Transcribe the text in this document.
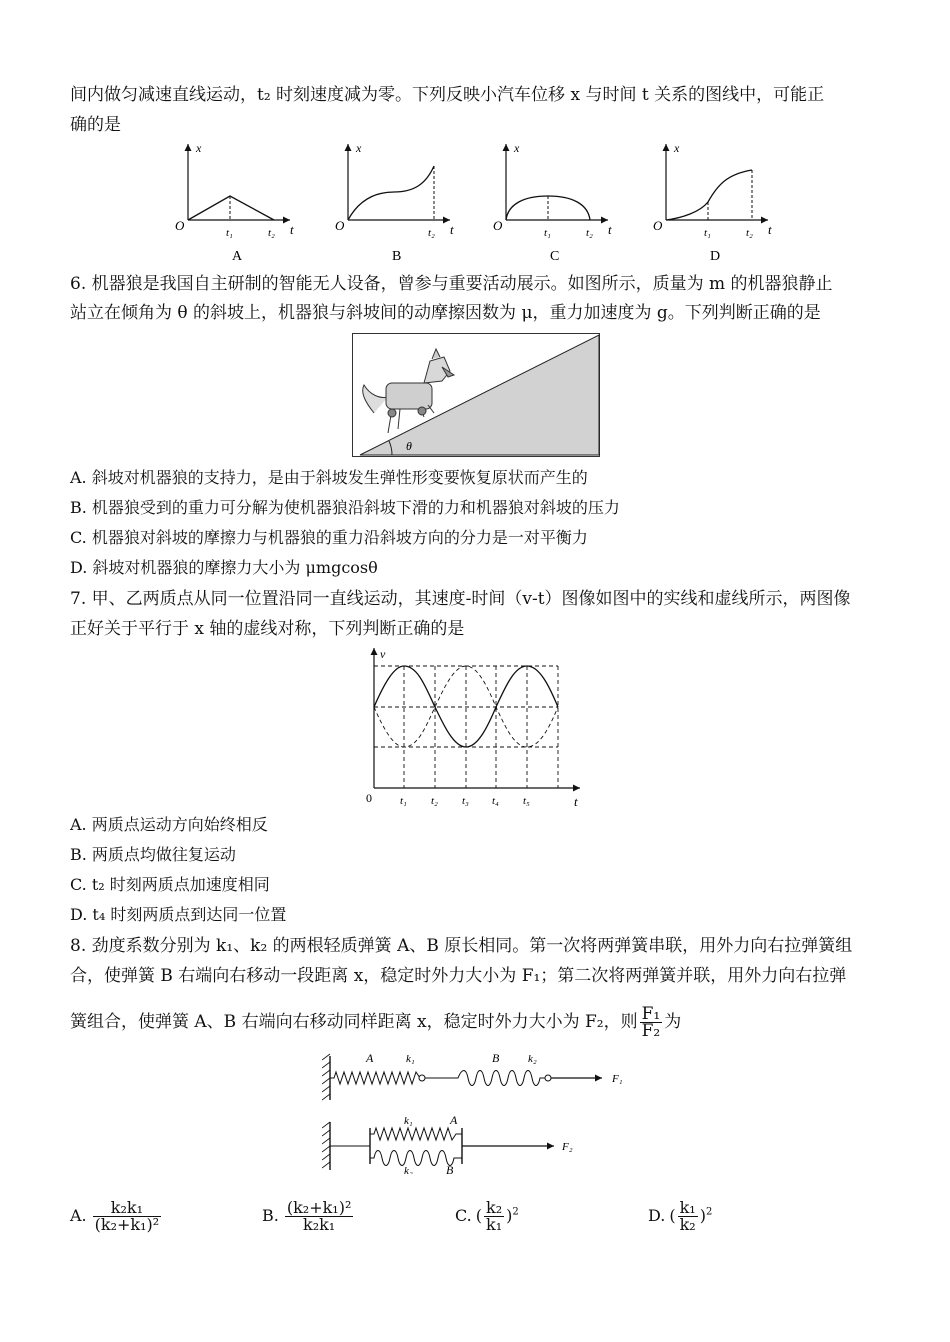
间内做匀减速直线运动，t₂ 时刻速度减为零。下列反映小汽车位移 x 与时间 t 关系的图线中，可能正
确的是
x
O	t₁	t₂ t
A
x
O	t₂ t
B
x
O	t₁	t₂ t
C
x
O	t₁	t₂ t
D
6. 机器狼是我国自主研制的智能无人设备，曾参与重要活动展示。如图所示，质量为 m 的机器狼静止
站立在倾角为 θ 的斜坡上，机器狼与斜坡间的动摩擦因数为 μ，重力加速度为 g。下列判断正确的是
θ
A. 斜坡对机器狼的支持力，是由于斜坡发生弹性形变要恢复原状而产生的
B. 机器狼受到的重力可分解为使机器狼沿斜坡下滑的力和机器狼对斜坡的压力
C. 机器狼对斜坡的摩擦力与机器狼的重力沿斜坡方向的分力是一对平衡力
D. 斜坡对机器狼的摩擦力大小为 μmgcosθ
7. 甲、乙两质点从同一位置沿同一直线运动，其速度-时间（v-t）图像如图中的实线和虚线所示，两图像
正好关于平行于 x 轴的虚线对称，下列判断正确的是
v
0	t₁ t₂ t₃ t₄ t₅	t
A. 两质点运动方向始终相反
B. 两质点均做往复运动
C. t₂ 时刻两质点加速度相同
D. t₄ 时刻两质点到达同一位置
8. 劲度系数分别为 k₁、k₂ 的两根轻质弹簧 A、B 原长相同。第一次将两弹簧串联，用外力向右拉弹簧组
合，使弹簧 B 右端向右移动一段距离 x，稳定时外力大小为 F₁；第二次将两弹簧并联，用外力向右拉弹
簧组合，使弹簧 A、B 右端向右移动同样距离 x，稳定时外力大小为 F₂，则 $\frac{\text{F₁}}{\text{F₂}}$ 为
A	k₁	B	k₂
F₁
k₁	A
k₂	B
F₂
A. $\frac{\text{k₂k₁}}{\text{(k₂+k₁)²}}$	B. $\frac{\text{(k₂+k₁)²}}{\text{k₂k₁}}$	C. ( $\frac{\text{k₂}}{\text{k₁}} )^2$	D. ( $\frac{\text{k₁}}{\text{k₂}} )^2$
